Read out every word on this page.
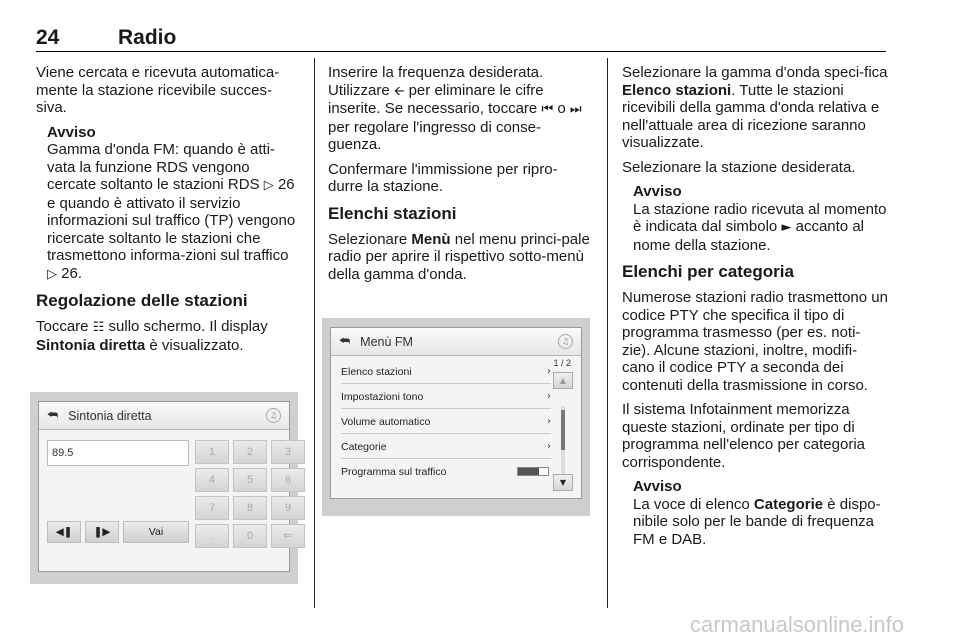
24	Radio

Viene cercata e ricevuta automatica-mente la stazione ricevibile succes-siva.

Avviso
Gamma d'onda FM: quando è atti-vata la funzione RDS vengono cercate soltanto le stazioni RDS ▷ 26 e quando è attivato il servizio informazioni sul traffico (TP) vengono ricercate soltanto le stazioni che trasmettono informa-zioni sul traffico ▷ 26.
Regolazione delle stazioni

Toccare ☷ sullo schermo. Il display Sintonia diretta è visualizzato.

⮪ Sintonia diretta	♫
89.5	1	2	3
4	5	6
7	8	9
.	0	⇐
◀❚	❚▶	Vai

Inserire la frequenza desiderata. Utilizzare 🡨 per eliminare le cifre inserite. Se necessario, toccare ⏮ o ⏭ per regolare l'ingresso di conse-guenza.

Confermare l'immissione per ripro-durre la stazione.

Elenchi stazioni

Selezionare Menù nel menu princi-pale radio per aprire il rispettivo sotto-menù della gamma d'onda.

⮪ Menù FM	♫
1 / 2
Elenco stazioni	›
Impostazioni tono	›
Volume automatico	›
Categorie	›
Programma sul traffico
▲
▼

Selezionare la gamma d'onda speci-fica Elenco stazioni. Tutte le stazioni ricevibili della gamma d'onda relativa e nell'attuale area di ricezione saranno visualizzate.

Selezionare la stazione desiderata.

Avviso
La stazione radio ricevuta al momento è indicata dal simbolo ► accanto al nome della stazione.
Elenchi per categoria

Numerose stazioni radio trasmettono un codice PTY che specifica il tipo di programma trasmesso (per es. noti-zie). Alcune stazioni, inoltre, modifi-cano il codice PTY a seconda dei contenuti della trasmissione in corso.

Il sistema Infotainment memorizza queste stazioni, ordinate per tipo di programma nell'elenco per categoria corrispondente.

Avviso
La voce di elenco Categorie è dispo-nibile solo per le bande di frequenza FM e DAB.
carmanualsonline.info
